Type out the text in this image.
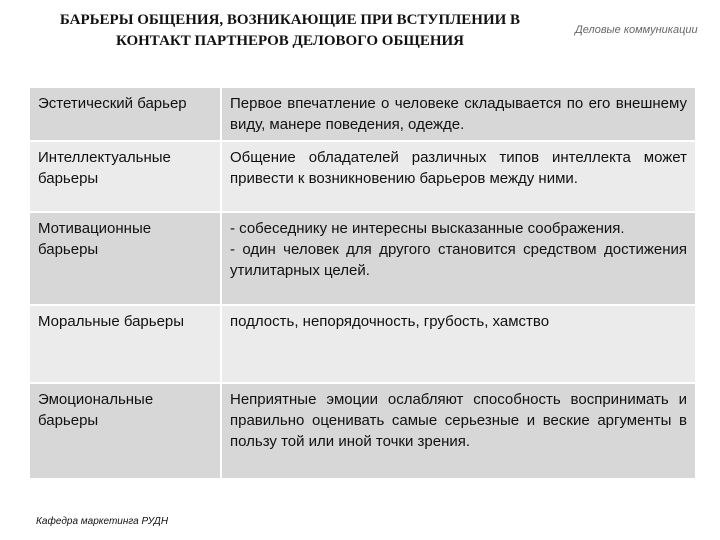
БАРЬЕРЫ ОБЩЕНИЯ, ВОЗНИКАЮЩИЕ ПРИ ВСТУПЛЕНИИ В КОНТАКТ ПАРТНЕРОВ ДЕЛОВОГО ОБЩЕНИЯ
Деловые коммуникации
Эстетический барьер	Первое впечатление о человеке складывается по его внешнему виду, манере поведения, одежде.

Интеллектуальные барьеры	Общение обладателей различных типов интеллекта может привести к возникновению барьеров между ними.

Мотивационные барьеры	- собеседнику не интересны высказанные соображения.
- один человек для другого становится средством достижения утилитарных целей.

Моральные барьеры	подлость, непорядочность, грубость, хамство

Эмоциональные барьеры	Неприятные эмоции ослабляют способность воспринимать и правильно оценивать самые серьезные и веские аргументы в пользу той или иной точки зрения.
Кафедра маркетинга РУДН
